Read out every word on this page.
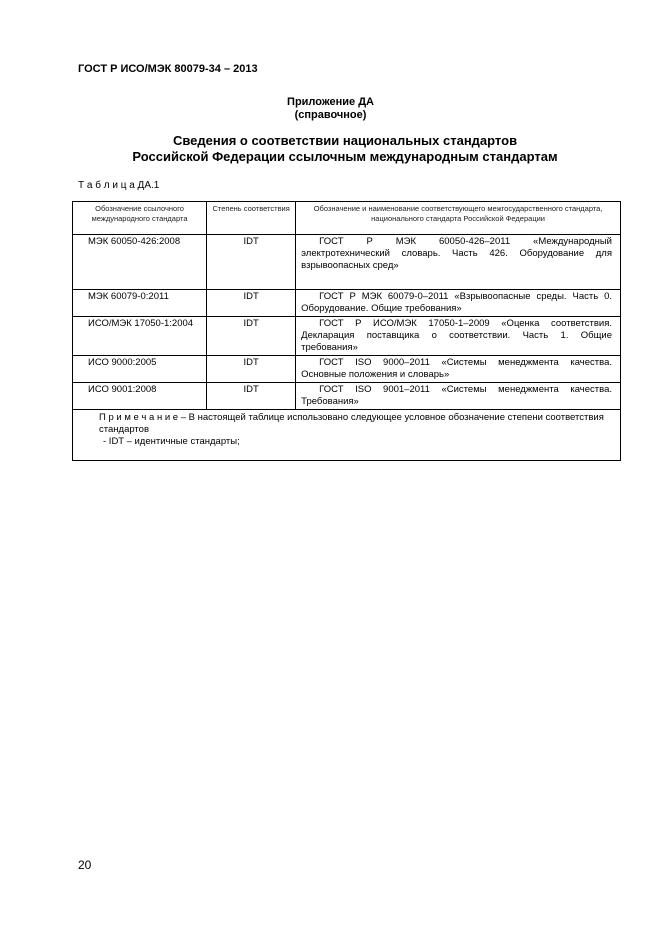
ГОСТ Р ИСО/МЭК 80079-34 – 2013
Приложение ДА
(справочное)
Сведения о соответствии национальных стандартов
Российской Федерации ссылочным международным стандартам
Т а б л и ц а ДА.1
Обозначение ссылочного международного стандарта	Степень соответствия	Обозначение и наименование соответствующего межгосударственного стандарта, национального стандарта Российской Федерации
МЭК 60050-426:2008	IDT	ГОСТ Р МЭК 60050-426–2011 «Международный электротехнический словарь. Часть 426. Оборудование для взрывоопасных сред»
МЭК 60079-0:2011	IDT	ГОСТ Р МЭК 60079-0–2011 «Взрывоопасные среды. Часть 0. Оборудование. Общие требования»
ИСО/МЭК 17050-1:2004	IDT	ГОСТ Р ИСО/МЭК 17050-1–2009 «Оценка соответствия. Декларация поставщика о соответствии. Часть 1. Общие требования»
ИСО 9000:2005	IDT	ГОСТ ISO 9000–2011 «Системы менеджмента качества. Основные положения и словарь»
ИСО 9001:2008	IDT	ГОСТ ISO 9001–2011 «Системы менеджмента качества. Требования»

П р и м е ч а н и е – В настоящей таблице использовано следующее условное обозначение степени соответствия стандартов
- IDT – идентичные стандарты;		
20
